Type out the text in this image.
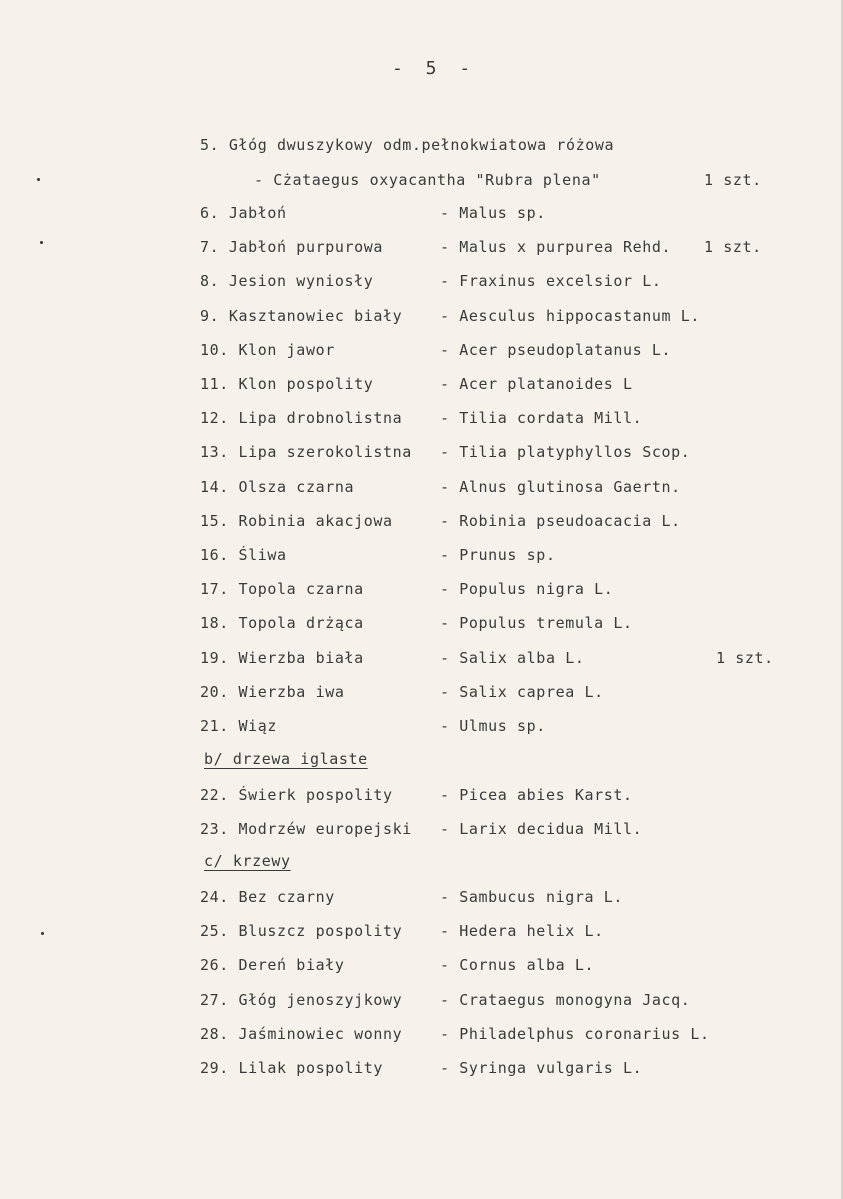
- 5 -
5. Głóg dwuszykowy odm.pełnokwiatowa różowa
- Cżataegus oxyacantha "Rubra plena"	1 szt.
6. Jabłoń	- Malus sp.
7. Jabłoń purpurowa	- Malus x purpurea Rehd. 1 szt.
8. Jesion wyniosły	- Fraxinus excelsior L.
9. Kasztanowiec biały	- Aesculus hippocastanum L.
10. Klon jawor	- Acer pseudoplatanus L.
11. Klon pospolity	- Acer platanoides L
12. Lipa drobnolistna	- Tilia cordata Mill.
13. Lipa szerokolistna - Tilia platyphyllos Scop.
14. Olsza czarna	- Alnus glutinosa Gaertn.
15. Robinia akacjowa	- Robinia pseudoacacia L.
16. Śliwa	- Prunus sp.
17. Topola czarna	- Populus nigra L.
18. Topola drżąca	- Populus tremula L.
19. Wierzba biała	- Salix alba L.	1 szt.
20. Wierzba iwa	- Salix caprea L.
21. Wiąz	- Ulmus sp.
b/ drzewa iglaste
22. Świerk pospolity	- Picea abies Karst.
23. Modrzéw europejski - Larix decidua Mill.
c/ krzewy
24. Bez czarny	- Sambucus nigra L.
25. Bluszcz pospolity	- Hedera helix L.
26. Dereń biały	- Cornus alba L.
27. Głóg jenoszyjkowy	- Crataegus monogyna Jacq.
28. Jaśminowiec wonny	- Philadelphus coronarius L.
29. Lilak pospolity	- Syringa vulgaris L.
